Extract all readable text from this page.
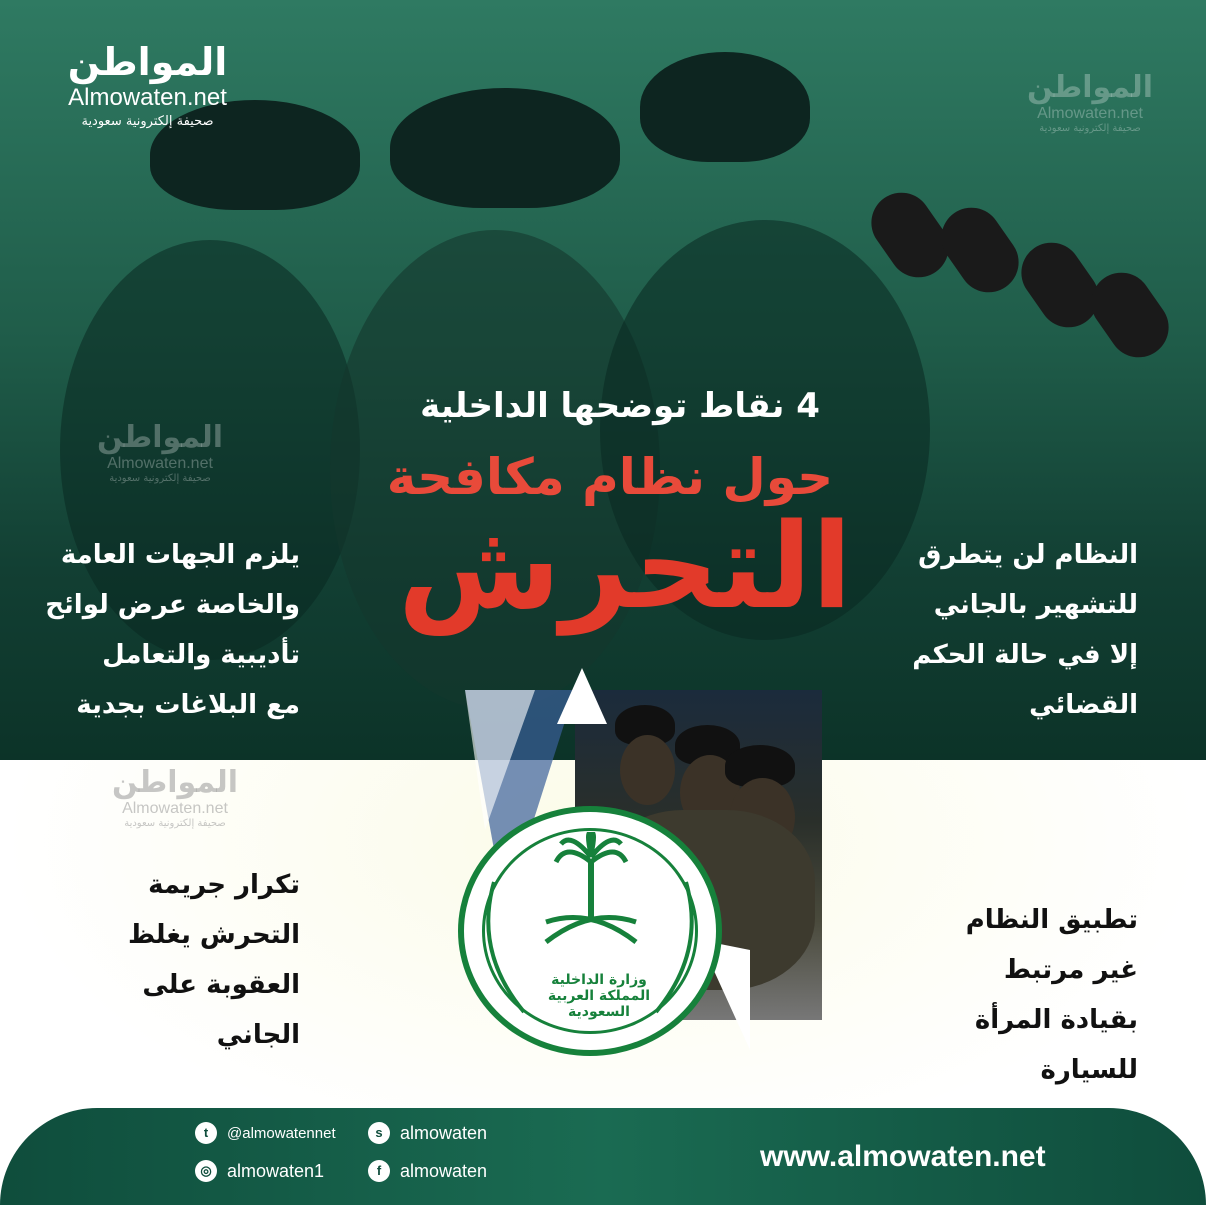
المواطن
Almowaten.net
صحيفة إلكترونية سعودية
المواطن
Almowaten.net
صحيفة إلكترونية سعودية
المواطن
Almowaten.net
صحيفة إلكترونية سعودية
4 نقاط توضحها الداخلية
حول نظام مكافحة
التحرش	النظام لن يتطرق
للتشهير بالجاني
إلا في حالة الحكم
القضائي
يلزم الجهات العامة
والخاصة عرض لوائح
تأديبية والتعامل
مع البلاغات بجدية
المواطن
Almowaten.net
صحيفة إلكترونية سعودية
وزارة الداخلية المملكة العربية السعودية
تكرار جريمة
التحرش يغلظ
العقوبة على
الجاني
تطبيق النظام
غير مرتبط
بقيادة المرأة
للسيارة
t	@almowatennet	s almowaten
◎ almowaten1	f	almowaten	www.almowaten.net
